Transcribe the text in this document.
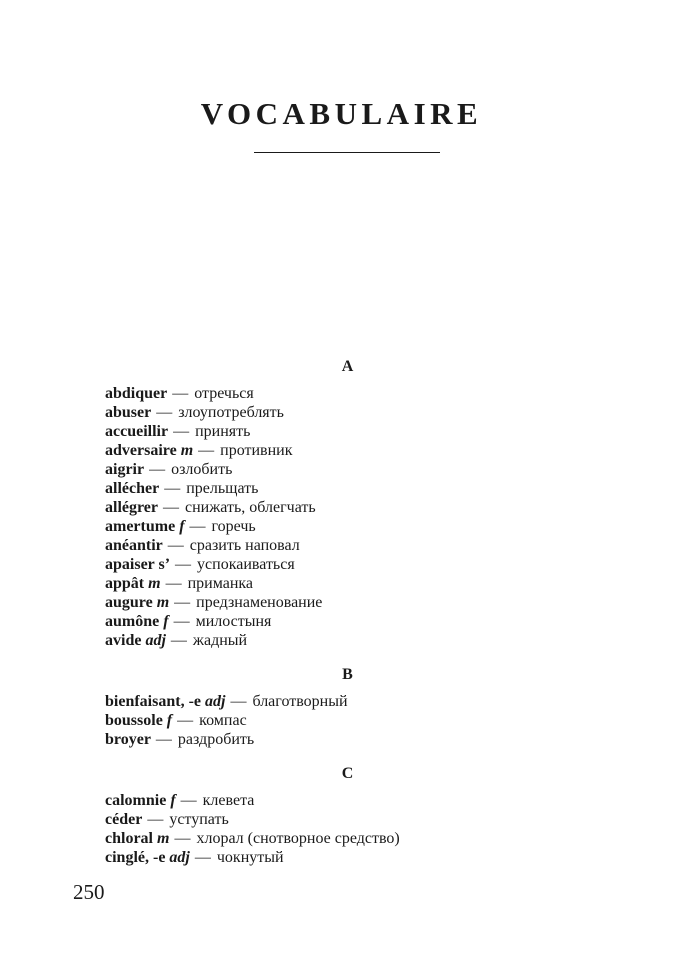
VOCABULAIRE
A
abdiquer — отречься
abuser — злоупотреблять
accueillir — принять
adversaire m — противник
aigrir — озлобить
allécher — прельщать
allégrer — снижать, облегчать
amertume f — горечь
anéantir — сразить наповал
apaiser s’ — успокаиваться
appât m — приманка
augure m — предзнаменование
aumône f — милостыня
avide adj — жадный
B
bienfaisant, -e adj — благотворный
boussole f — компас
broyer — раздробить
C
calomnie f — клевета
céder — уступать
chloral m — хлорал (снотворное средство)
cinglé, -e adj — чокнутый
250
